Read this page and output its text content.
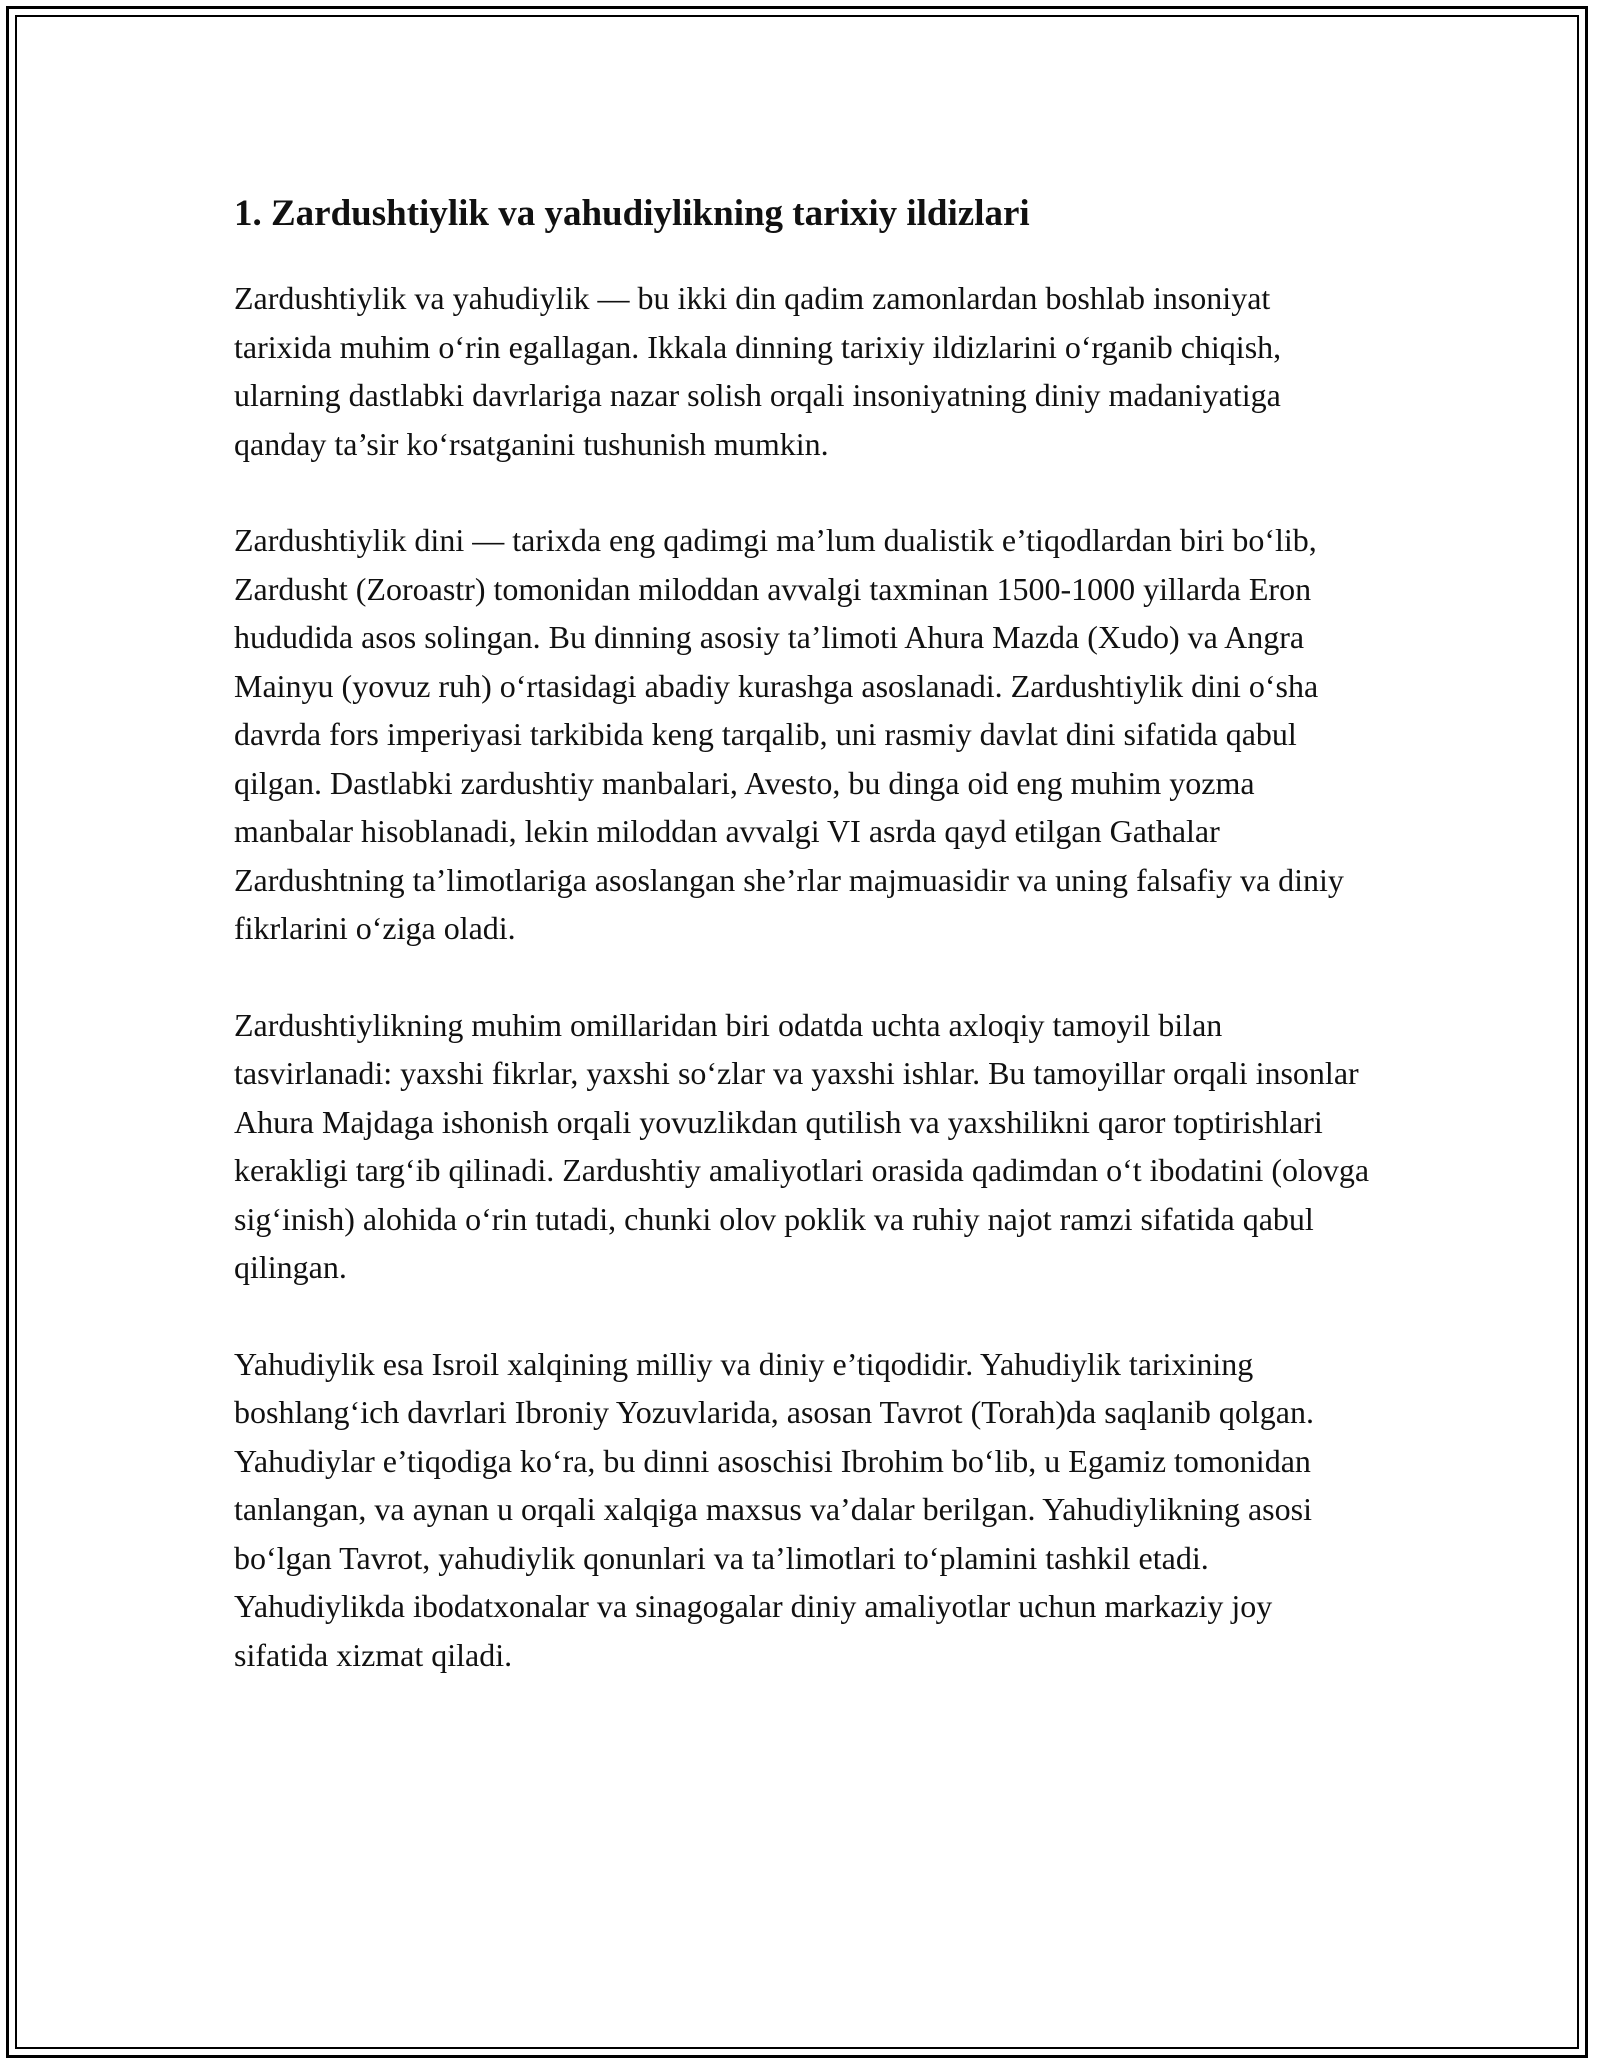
1. Zardushtiylik va yahudiylikning tarixiy ildizlari

Zardushtiylik va yahudiylik — bu ikki din qadim zamonlardan boshlab insoniyat tarixida muhim o‘rin egallagan. Ikkala dinning tarixiy ildizlarini o‘rganib chiqish, ularning dastlabki davrlariga nazar solish orqali insoniyatning diniy madaniyatiga qanday ta’sir ko‘rsatganini tushunish mumkin.

Zardushtiylik dini — tarixda eng qadimgi ma’lum dualistik e’tiqodlardan biri bo‘lib, Zardusht (Zoroastr) tomonidan miloddan avvalgi taxminan 1500-1000 yillarda Eron hududida asos solingan. Bu dinning asosiy ta’limoti Ahura Mazda (Xudo) va Angra Mainyu (yovuz ruh) o‘rtasidagi abadiy kurashga asoslanadi. Zardushtiylik dini o‘sha davrda fors imperiyasi tarkibida keng tarqalib, uni rasmiy davlat dini sifatida qabul qilgan. Dastlabki zardushtiy manbalari, Avesto, bu dinga oid eng muhim yozma manbalar hisoblanadi, lekin miloddan avvalgi VI asrda qayd etilgan Gathalar Zardushtning ta’limotlariga asoslangan she’rlar majmuasidir va uning falsafiy va diniy fikrlarini o‘ziga oladi.

Zardushtiylikning muhim omillaridan biri odatda uchta axloqiy tamoyil bilan tasvirlanadi: yaxshi fikrlar, yaxshi so‘zlar va yaxshi ishlar. Bu tamoyillar orqali insonlar Ahura Majdaga ishonish orqali yovuzlikdan qutilish va yaxshilikni qaror toptirishlari kerakligi targ‘ib qilinadi. Zardushtiy amaliyotlari orasida qadimdan o‘t ibodatini (olovga sig‘inish) alohida o‘rin tutadi, chunki olov poklik va ruhiy najot ramzi sifatida qabul qilingan.

Yahudiylik esa Isroil xalqining milliy va diniy e’tiqodidir. Yahudiylik tarixining boshlang‘ich davrlari Ibroniy Yozuvlarida, asosan Tavrot (Torah)da saqlanib qolgan. Yahudiylar e’tiqodiga ko‘ra, bu dinni asoschisi Ibrohim bo‘lib, u Egamiz tomonidan tanlangan, va aynan u orqali xalqiga maxsus va’dalar berilgan. Yahudiylikning asosi bo‘lgan Tavrot, yahudiylik qonunlari va ta’limotlari to‘plamini tashkil etadi. Yahudiylikda ibodatxonalar va sinagogalar diniy amaliyotlar uchun markaziy joy sifatida xizmat qiladi.
